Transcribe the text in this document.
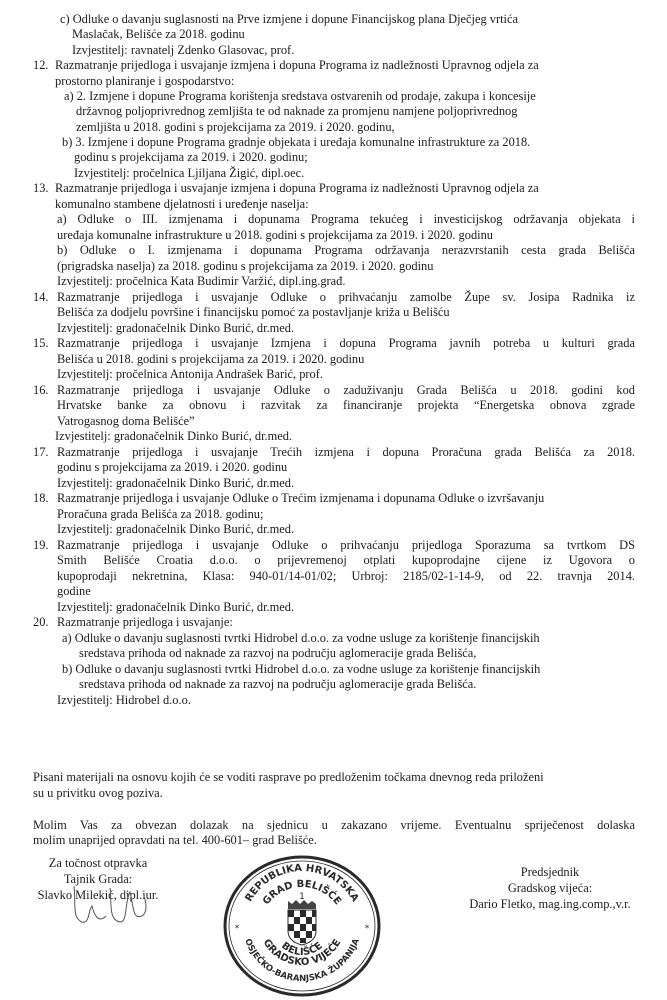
c) Odluke o davanju suglasnosti na Prve izmjene i dopune Financijskog plana Dječjeg vrtića
Maslačak, Belišće za 2018. godinu
Izvjestitelj: ravnatelj Zdenko Glasovac, prof.
12. Razmatranje prijedloga i usvajanje izmjena i dopuna Programa iz nadležnosti Upravnog odjela za
prostorno planiranje i gospodarstvo:
a) 2. Izmjene i dopune Programa korištenja sredstava ostvarenih od prodaje, zakupa i koncesije
državnog poljoprivrednog zemljišta te od naknade za promjenu namjene poljoprivrednog
zemljišta u 2018. godini s projekcijama za 2019. i 2020. godinu,
b) 3. Izmjene i dopune Programa gradnje objekata i uređaja komunalne infrastrukture za 2018.
godinu s projekcijama za 2019. i 2020. godinu;
Izvjestitelj: pročelnica Ljiljana Žigić, dipl.oec.
13. Razmatranje prijedloga i usvajanje izmjena i dopuna Programa iz nadležnosti Upravnog odjela za
komunalno stambene djelatnosti i uređenje naselja:
a) Odluke o III. izmjenama i dopunama Programa tekućeg i investicijskog održavanja objekata i
uređaja komunalne infrastrukture u 2018. godini s projekcijama za 2019. i 2020. godinu
b) Odluke o I. izmjenama i dopunama Programa održavanja nerazvrstanih cesta grada Belišća
(prigradska naselja) za 2018. godinu s projekcijama za 2019. i 2020. godinu
Izvjestitelj: pročelnica Kata Budimir Varžić, dipl.ing.građ.
14. Razmatranje prijedloga i usvajanje Odluke o prihvaćanju zamolbe Župe sv. Josipa Radnika iz
Belišća za dodjelu površine i financijsku pomoć za postavljanje križa u Belišću
Izvjestitelj: gradonačelnik Dinko Burić, dr.med.
15. Razmatranje prijedloga i usvajanje Izmjena i dopuna Programa javnih potreba u kulturi grada
Belišća u 2018. godini s projekcijama za 2019. i 2020. godinu
Izvjestitelj: pročelnica Antonija Andrašek Barić, prof.
16. Razmatranje prijedloga i usvajanje Odluke o zaduživanju Grada Belišća u 2018. godini kod
Hrvatske banke za obnovu i razvitak za financiranje projekta “Energetska obnova zgrade
Vatrogasnog doma Belišće”
Izvjestitelj: gradonačelnik Dinko Burić, dr.med.
17. Razmatranje prijedloga i usvajanje Trećih izmjena i dopuna Proračuna grada Belišća za 2018.
godinu s projekcijama za 2019. i 2020. godinu
Izvjestitelj: gradonačelnik Dinko Burić, dr.med.
18. Razmatranje prijedloga i usvajanje Odluke o Trećim izmjenama i dopunama Odluke o izvršavanju
Proračuna grada Belišća za 2018. godinu;
Izvjestitelj: gradonačelnik Dinko Burić, dr.med.
19. Razmatranje prijedloga i usvajanje Odluke o prihvaćanju prijedloga Sporazuma sa tvrtkom DS
Smith Belišće Croatia d.o.o. o prijevremenoj otplati kupoprodajne cijene iz Ugovora o
kupoprodaji nekretnina, Klasa: 940-01/14-01/02; Urbroj: 2185/02-1-14-9, od 22. travnja 2014.
godine
Izvjestitelj: gradonačelnik Dinko Burić, dr.med.
20. Razmatranje prijedloga i usvajanje:
a) Odluke o davanju suglasnosti tvrtki Hidrobel d.o.o. za vodne usluge za korištenje financijskih
sredstava prihoda od naknade za razvoj na području aglomeracije grada Belišća,
b) Odluke o davanju suglasnosti tvrtki Hidrobel d.o.o. za vodne usluge za korištenje financijskih
sredstava prihoda od naknade za razvoj na području aglomeracije grada Belišća.
Izvjestitelj: Hidrobel d.o.o.
Pisani materijali na osnovu kojih će se voditi rasprave po predloženim točkama dnevnog reda priloženi
su u privitku ovog poziva.
Molim Vas za obvezan dolazak na sjednicu u zakazano vrijeme. Eventualnu spriječenost dolaska
molim unaprijed opravdati na tel. 400-601– grad Belišće.
Za točnost otpravka
Tajnik Grada:
Slavko Milekić, dipl.iur.	REPUBLIKA HRVATSKA
GRAD BELIŠĆE
1
*	*
BELIŠĆE
GRADSKO VIJEĆE
OSJEČKO-BARANJSKA ŽUPANIJA
Predsjednik
Gradskog vijeća:
Dario Fletko, mag.ing.comp.,v.r.
